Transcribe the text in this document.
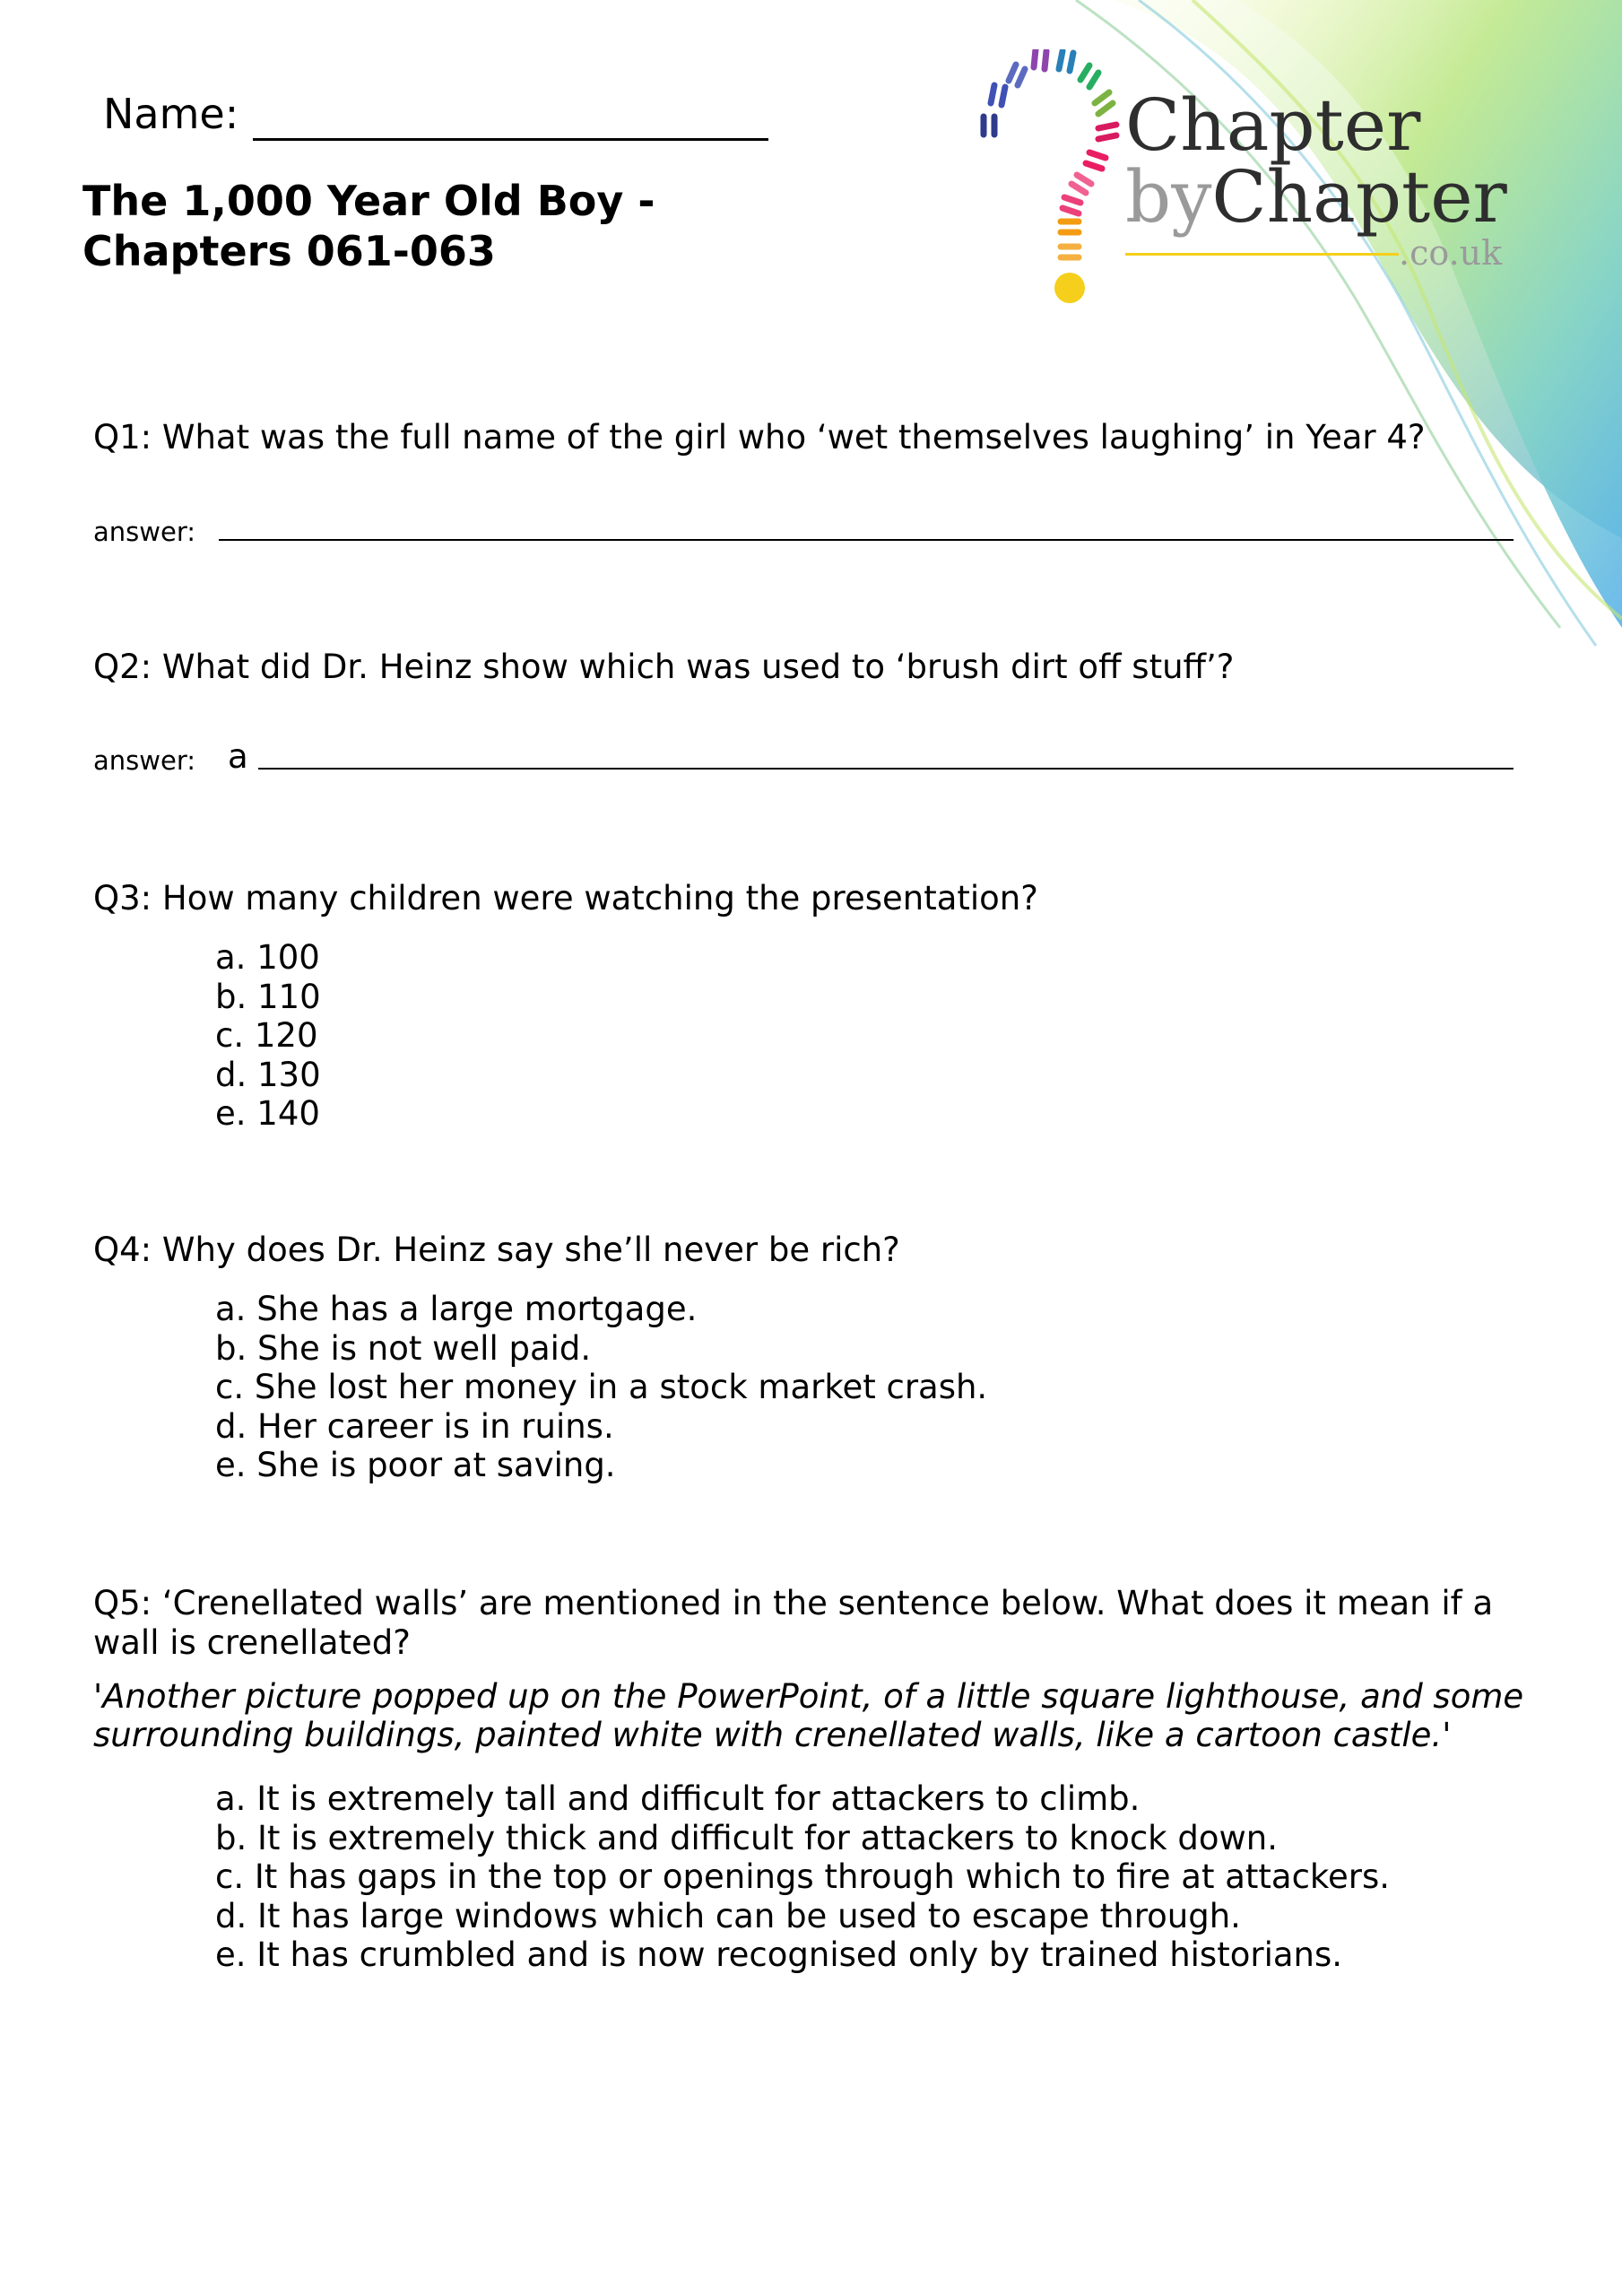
Name:
The 1,000 Year Old Boy -
Chapters 061-063
Chapter
byChapter
.co.uk
Q1: What was the full name of the girl who ‘wet themselves laughing’ in Year 4?
answer:
Q2: What did Dr. Heinz show which was used to ‘brush dirt off stuff’?
answer: a
Q3: How many children were watching the presentation?
a. 100
b. 110
c. 120
d. 130
e. 140
Q4: Why does Dr. Heinz say she’ll never be rich?
a. She has a large mortgage.
b. She is not well paid.
c. She lost her money in a stock market crash.
d. Her career is in ruins.
e. She is poor at saving.
Q5: ‘Crenellated walls’ are mentioned in the sentence below. What does it mean if a
wall is crenellated?
'Another picture popped up on the PowerPoint, of a little square lighthouse, and some
surrounding buildings, painted white with crenellated walls, like a cartoon castle.'
a. It is extremely tall and difficult for attackers to climb.
b. It is extremely thick and difficult for attackers to knock down.
c. It has gaps in the top or openings through which to fire at attackers.
d. It has large windows which can be used to escape through.
e. It has crumbled and is now recognised only by trained historians.
